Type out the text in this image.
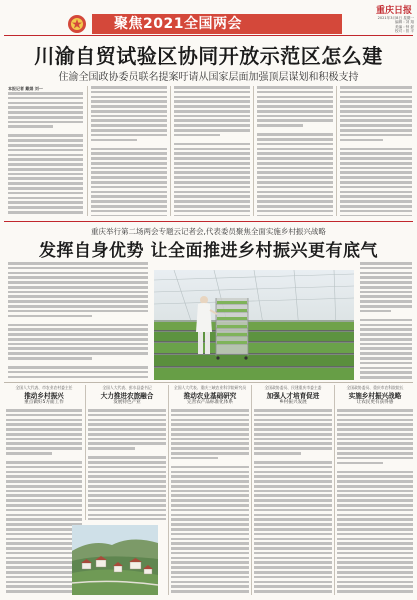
聚焦2021全国两会
重庆日报
2021年3月8日 星期一
编辑 : 刘 翔
美编 : 钟 晏
校对 : 曾 平
川渝自贸试验区协同开放示范区怎么建
住渝全国政协委员联名提案吁请从国家层面加强顶层谋划和积极支持
本报记者 戴娟 刘一
重庆举行第二场两会专题云记者会,代表委员聚焦全面实施乡村振兴战略
发挥自身优势 让全面推进乡村振兴更有底气
全国人大代表、市农业农村委主任
推动乡村振兴
重点做好5方面工作
全国人大代表、彭水县委书记
大力推进农旅融合
发展特色产业
全国人大代表、重庆三峡农业科学院研究员
推动农业基础研究
完善农产品标准化体系
全国政协委员、民建重庆市委主委
加强人才培育促进
乡村振兴发展
全国政协委员、重庆市农科院院长
实施乡村振兴战略
让农民更有获得感
